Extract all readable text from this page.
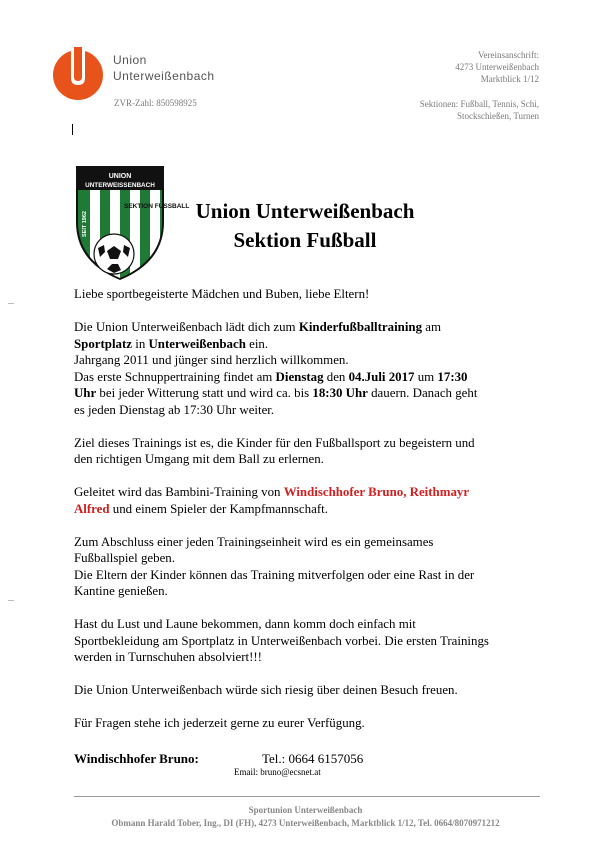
Union
Unterweißenbach
ZVR-Zahl: 850598925
Vereinsanschrift:
4273 Unterweißenbach
Marktblick 1/12
Sektionen: Fußball, Tennis, Schi,
Stockschießen, Turnen
UNION
UNTERWEISSENBACH
SEIT 1962
SEKTION FUSSBALL Union Unterweißenbach
Sektion Fußball

Liebe sportbegeisterte Mädchen und Buben, liebe Eltern!

Die Union Unterweißenbach lädt dich zum Kinderfußballtraining am
Sportplatz in Unterweißenbach ein.
Jahrgang 2011 und jünger sind herzlich willkommen.
Das erste Schnuppertraining findet am Dienstag den 04.Juli 2017 um 17:30
Uhr bei jeder Witterung statt und wird ca. bis 18:30 Uhr dauern. Danach geht
es jeden Dienstag ab 17:30 Uhr weiter.

Ziel dieses Trainings ist es, die Kinder für den Fußballsport zu begeistern und
den richtigen Umgang mit dem Ball zu erlernen.

Geleitet wird das Bambini-Training von Windischhofer Bruno, Reithmayr
Alfred und einem Spieler der Kampfmannschaft.

Zum Abschluss einer jeden Trainingseinheit wird es ein gemeinsames
Fußballspiel geben.
Die Eltern der Kinder können das Training mitverfolgen oder eine Rast in der
Kantine genießen.

Hast du Lust und Laune bekommen, dann komm doch einfach mit
Sportbekleidung am Sportplatz in Unterweißenbach vorbei. Die ersten Trainings
werden in Turnschuhen absolviert!!!

Die Union Unterweißenbach würde sich riesig über deinen Besuch freuen.

Für Fragen stehe ich jederzeit gerne zu eurer Verfügung.

Windischhofer Bruno:	Tel.: 0664 6157056
Email: bruno@ecsnet.at
Sportunion Unterweißenbach
Obmann Harald Tober, Ing., DI (FH), 4273 Unterweißenbach, Marktblick 1/12, Tel. 0664/8070971212
